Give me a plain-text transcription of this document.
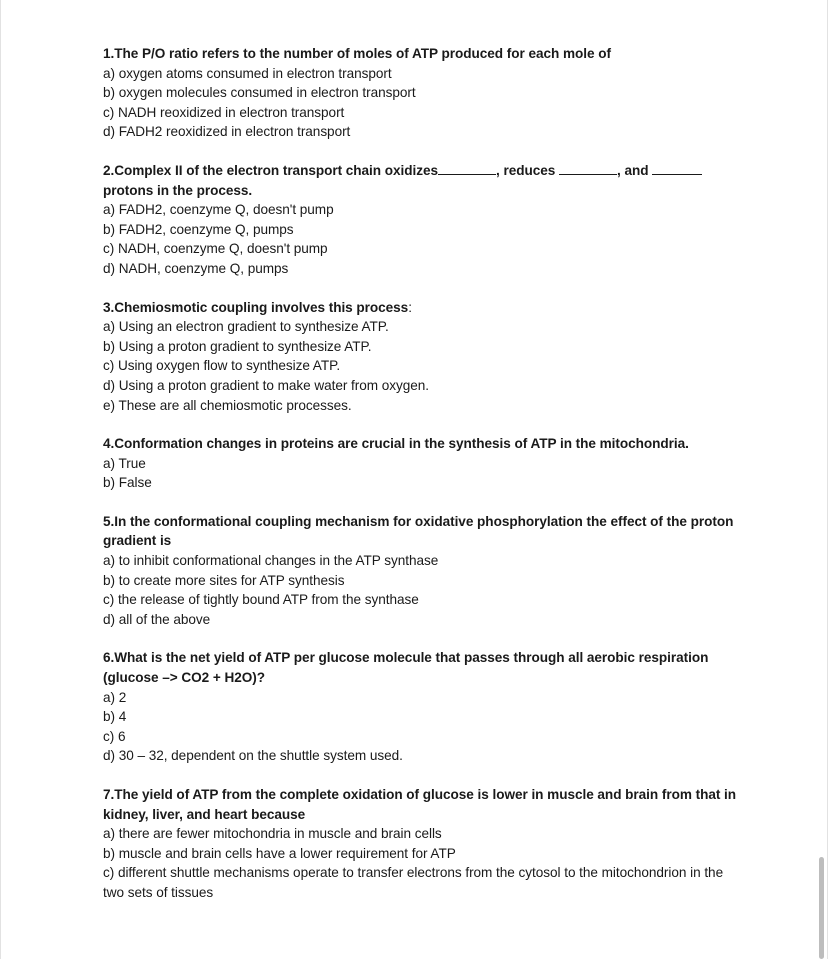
1.The P/O ratio refers to the number of moles of ATP produced for each mole of
a) oxygen atoms consumed in electron transport
b) oxygen molecules consumed in electron transport
c) NADH reoxidized in electron transport
d) FADH2 reoxidized in electron transport
2.Complex II of the electron transport chain oxidizes	, reduces	, and
protons in the process.
a) FADH2, coenzyme Q, doesn't pump
b) FADH2, coenzyme Q, pumps
c) NADH, coenzyme Q, doesn't pump
d) NADH, coenzyme Q, pumps
3.Chemiosmotic coupling involves this process:
a) Using an electron gradient to synthesize ATP.
b) Using a proton gradient to synthesize ATP.
c) Using oxygen flow to synthesize ATP.
d) Using a proton gradient to make water from oxygen.
e) These are all chemiosmotic processes.
4.Conformation changes in proteins are crucial in the synthesis of ATP in the mitochondria.
a) True
b) False
5.In the conformational coupling mechanism for oxidative phosphorylation the effect of the proton gradient is
a) to inhibit conformational changes in the ATP synthase
b) to create more sites for ATP synthesis
c) the release of tightly bound ATP from the synthase
d) all of the above
6.What is the net yield of ATP per glucose molecule that passes through all aerobic respiration (glucose –> CO2 + H2O)?
a) 2
b) 4
c) 6
d) 30 – 32, dependent on the shuttle system used.
7.The yield of ATP from the complete oxidation of glucose is lower in muscle and brain from that in kidney, liver, and heart because
a) there are fewer mitochondria in muscle and brain cells
b) muscle and brain cells have a lower requirement for ATP
c) different shuttle mechanisms operate to transfer electrons from the cytosol to the mitochondrion in the two sets of tissues
